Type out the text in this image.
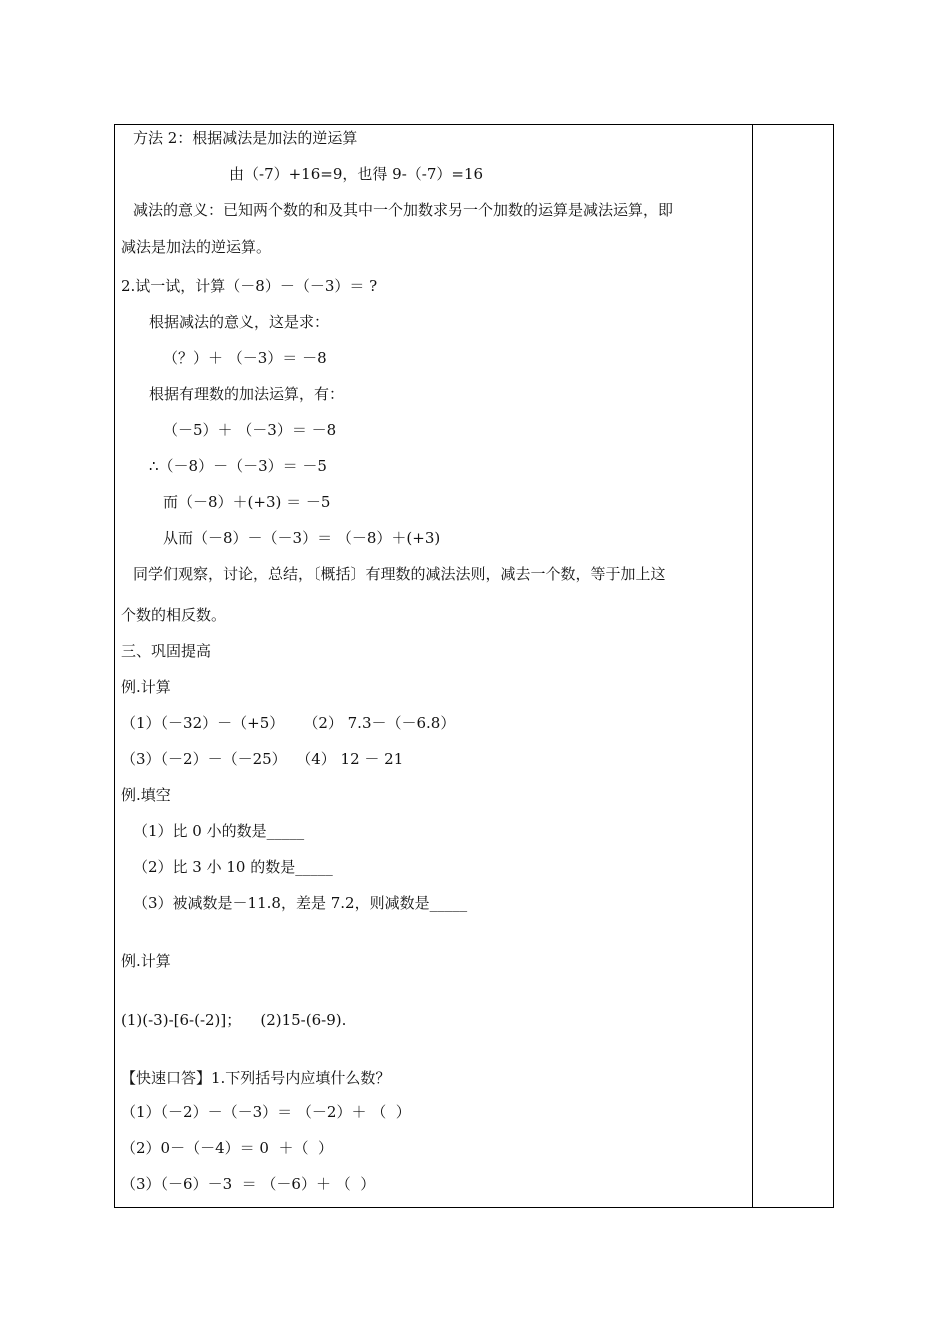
方法 2：根据减法是加法的逆运算
由（-7）+16=9，也得 9-（-7）=16
减法的意义：已知两个数的和及其中一个加数求另一个加数的运算是减法运算，即
减法是加法的逆运算。
2.试一试，计算（－8）－（－3）＝ ?
根据减法的意义，这是求：
（？）＋ （－3）＝ －8
根据有理数的加法运算，有：
（－5）＋ （－3）＝ －8
∴（－8）－（－3）＝ －5
而（－8）＋(+3) ＝ －5
从而（－8）－（－3）＝ （－8）＋(+3)
同学们观察，讨论，总结，〔概括〕有理数的减法法则，减去一个数，等于加上这
个数的相反数。
三、巩固提高
例.计算
（1）（－32）－（+5）    （2） 7.3－（－6.8）
（3）（－2）－（－25）  （4） 12 － 21
例.填空
（1）比 0 小的数是_____
（2）比 3 小 10 的数是_____
（3）被减数是－11.8，差是 7.2，则减数是_____
例.计算
(1)(-3)-[6-(-2)]；    (2)15-(6-9).
【快速口答】1.下列括号内应填什么数？
（1）（－2）－（－3）＝ （－2）＋ （  ）
（2）0－（－4）＝ 0  ＋（  ）
（3）（－6）－3  ＝ （－6）＋ （  ）
